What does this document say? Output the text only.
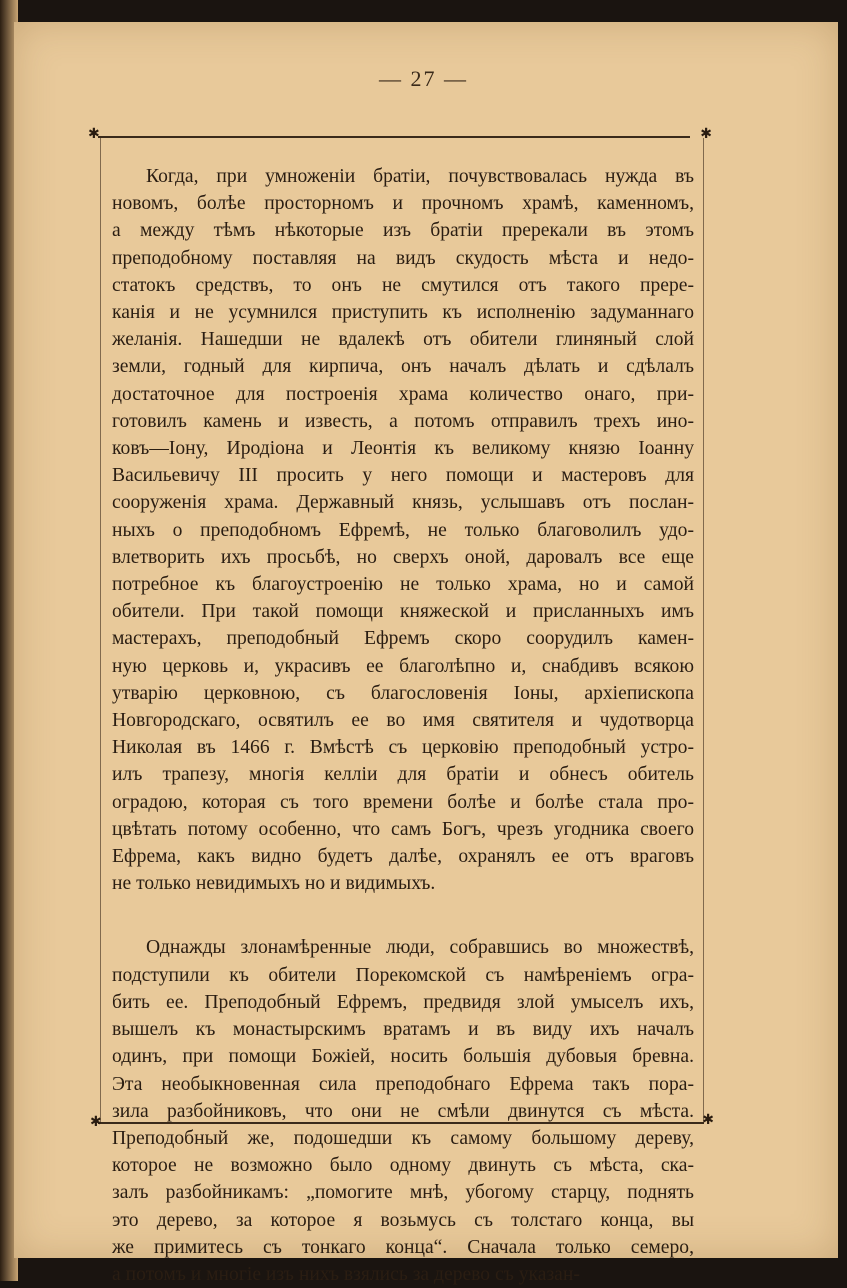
— 27 —
✱	✱
✱	✱
Когда, при умноженіи братіи, почувствовалась нужда въ
новомъ, болѣе просторномъ и прочномъ храмѣ, каменномъ,
а между тѣмъ нѣкоторые изъ братіи пререкали въ этомъ
преподобному поставляя на видъ скудость мѣста и недо-
статокъ средствъ, то онъ не смутился отъ такого прере-
канія и не усумнился приступить къ исполненію задуманнаго
желанія. Нашедши не вдалекѣ отъ обители глиняный слой
земли, годный для кирпича, онъ началъ дѣлать и сдѣлалъ
достаточное для построенія храма количество онаго, при-
готовилъ камень и известь, а потомъ отправилъ трехъ ино-
ковъ—Іону, Иродіона и Леонтія къ великому князю Іоанну
Васильевичу III просить у него помощи и мастеровъ для
сооруженія храма. Державный князь, услышавъ отъ послан-
ныхъ о преподобномъ Ефремѣ, не только благоволилъ удо-
влетворить ихъ просьбѣ, но сверхъ оной, даровалъ все еще
потребное къ благоустроенію не только храма, но и самой
обители. При такой помощи княжеской и присланныхъ имъ
мастерахъ, преподобный Ефремъ скоро соорудилъ камен-
ную церковь и, украсивъ ее благолѣпно и, снабдивъ всякою
утварію церковною, съ благословенія Іоны, архіепископа
Новгородскаго, освятилъ ее во имя святителя и чудотворца
Николая въ 1466 г. Вмѣстѣ съ церковію преподобный устро-
илъ трапезу, многія келліи для братіи и обнесъ обитель
оградою, которая съ того времени болѣе и болѣе стала про-
цвѣтать потому особенно, что самъ Богъ, чрезъ угодника своего
Ефрема, какъ видно будетъ далѣе, охранялъ ее отъ враговъ
не только невидимыхъ но и видимыхъ.
Однажды злонамѣренные люди, собравшись во множествѣ,
подступили къ обители Порекомской съ намѣреніемъ огра-
бить ее. Преподобный Ефремъ, предвидя злой умыселъ ихъ,
вышелъ къ монастырскимъ вратамъ и въ виду ихъ началъ
одинъ, при помощи Божіей, носить большія дубовыя бревна.
Эта необыкновенная сила преподобнаго Ефрема такъ пора-
зила разбойниковъ, что они не смѣли двинутся съ мѣста.
Преподобный же, подошедши къ самому большому дереву,
которое не возможно было одному двинуть съ мѣста, ска-
залъ разбойникамъ: „помогите мнѣ, убогому старцу, поднять
это дерево, за которое я возьмусь съ толстаго конца, вы
же примитесь съ тонкаго конца“. Сначала только семеро,
а потомъ и многіе изъ нихъ взялись за дерево съ указан-
